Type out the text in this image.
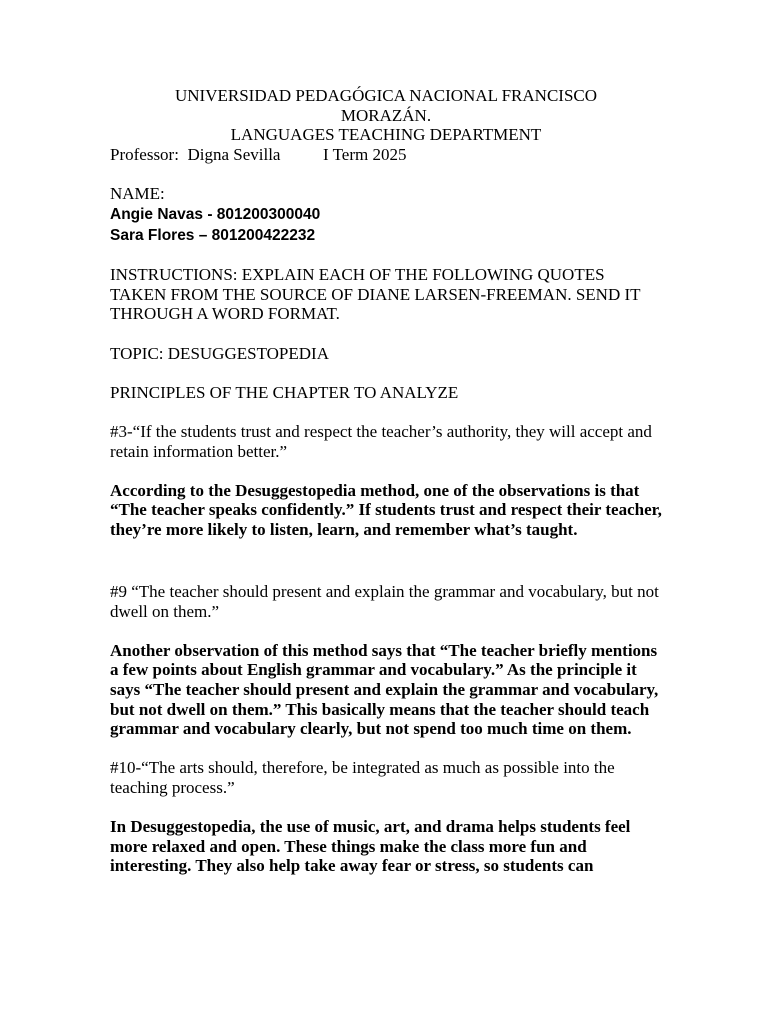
UNIVERSIDAD PEDAGÓGICA NACIONAL FRANCISCO

MORAZÁN.

LANGUAGES TEACHING DEPARTMENT

Professor: Digna Sevilla	I Term 2025

NAME:

Angie Navas - 801200300040

Sara Flores – 801200422232

INSTRUCTIONS: EXPLAIN EACH OF THE FOLLOWING QUOTES TAKEN FROM THE SOURCE OF DIANE LARSEN-FREEMAN. SEND IT THROUGH A WORD FORMAT.

TOPIC: DESUGGESTOPEDIA

PRINCIPLES OF THE CHAPTER TO ANALYZE

#3-“If the students trust and respect the teacher’s authority, they will accept and retain information better.”

According to the Desuggestopedia method, one of the observations is that “The teacher speaks confidently.” If students trust and respect their teacher, they’re more likely to listen, learn, and remember what’s taught.

#9 “The teacher should present and explain the grammar and vocabulary, but not dwell on them.”

Another observation of this method says that “The teacher briefly mentions a few points about English grammar and vocabulary.” As the principle it says “The teacher should present and explain the grammar and vocabulary, but not dwell on them.” This basically means that the teacher should teach grammar and vocabulary clearly, but not spend too much time on them.

#10-“The arts should, therefore, be integrated as much as possible into the teaching process.”

In Desuggestopedia, the use of music, art, and drama helps students feel more relaxed and open. These things make the class more fun and interesting. They also help take away fear or stress, so students can
